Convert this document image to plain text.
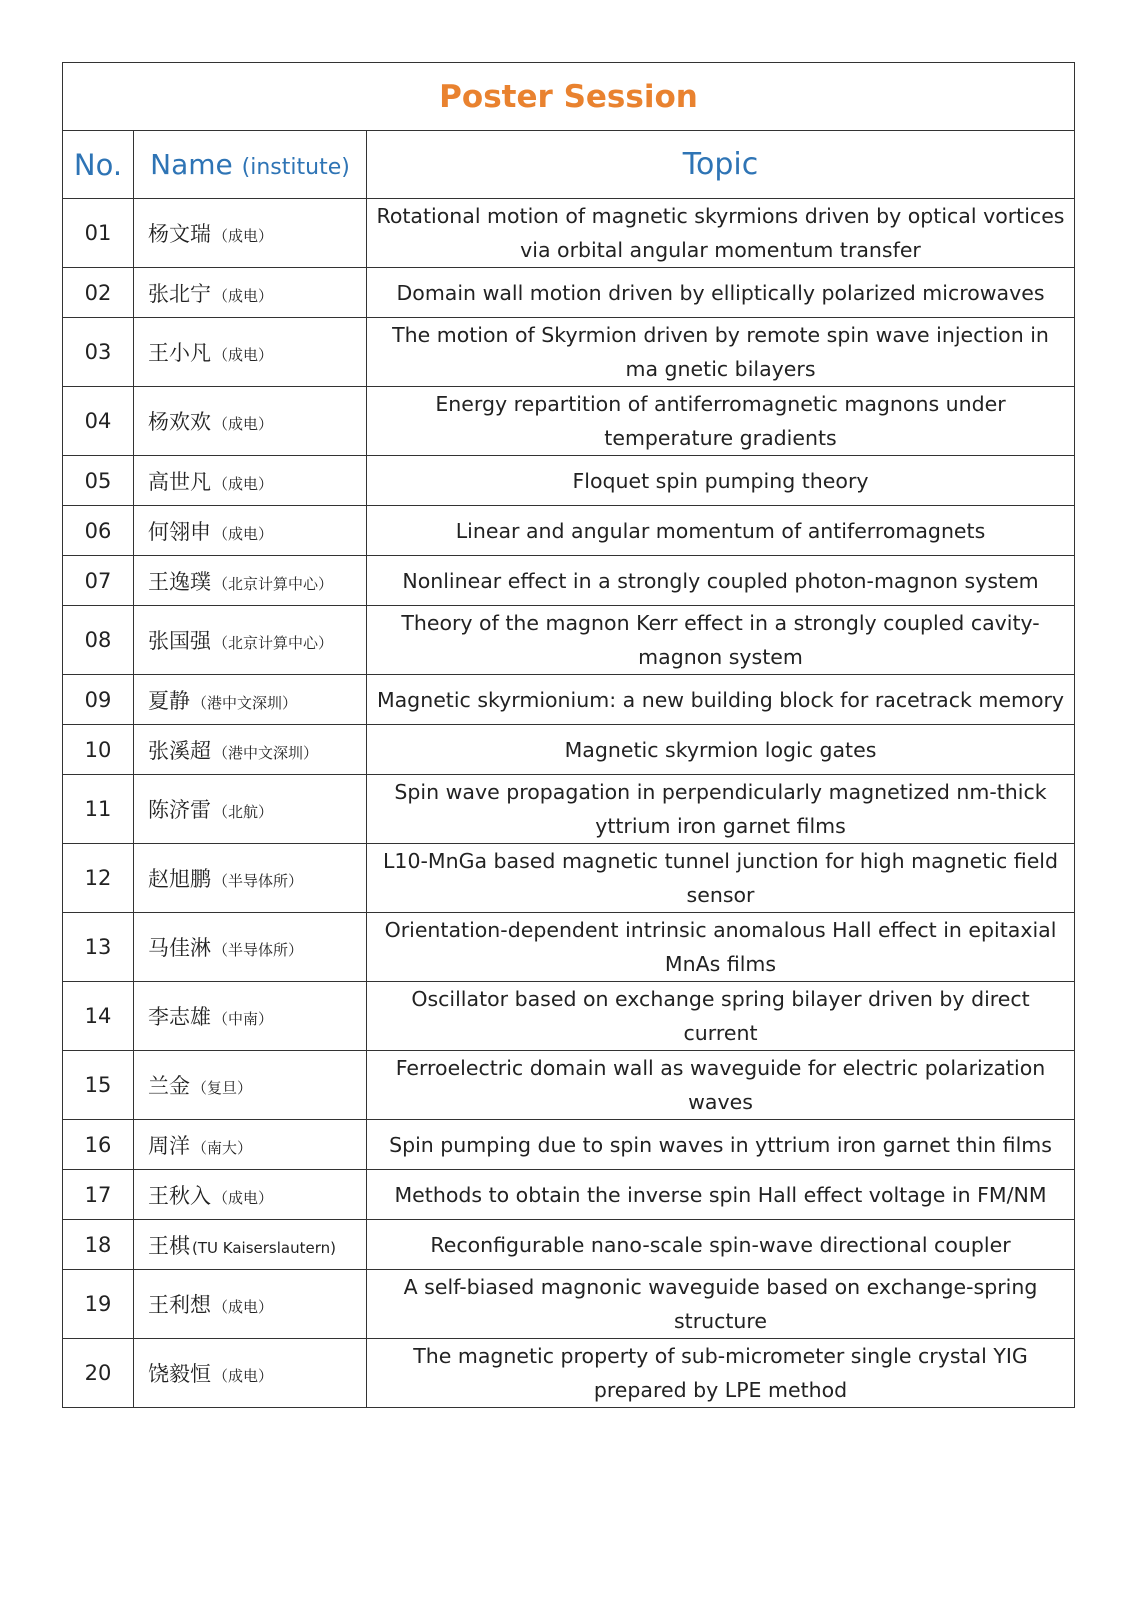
Poster Session		
No.	Name (institute)	Topic
01	杨文瑞 （成电）	Rotational motion of magnetic skyrmions driven by optical vortices via orbital angular momentum transfer
02	张北宁 （成电）	Domain wall motion driven by elliptically polarized microwaves
03	王小凡 （成电）	The motion of Skyrmion driven by remote spin wave injection in ma gnetic bilayers
04	杨欢欢 （成电）	Energy repartition of antiferromagnetic magnons under temperature gradients
05	高世凡 （成电）	Floquet spin pumping theory
06	何翎申 （成电）	Linear and angular momentum of antiferromagnets
07	王逸璞 （北京计算中心）	Nonlinear effect in a strongly coupled photon-magnon system
08	张国强 （北京计算中心）	Theory of the magnon Kerr effect in a strongly coupled cavity-magnon system
09	夏静 （港中文深圳）	Magnetic skyrmionium: a new building block for racetrack memory
10	张溪超 （港中文深圳）	Magnetic skyrmion logic gates
11	陈济雷 （北航）	Spin wave propagation in perpendicularly magnetized nm-thick yttrium iron garnet films
12	赵旭鹏 （半导体所）	L10-MnGa based magnetic tunnel junction for high magnetic field sensor
13	马佳淋 （半导体所）	Orientation-dependent intrinsic anomalous Hall effect in epitaxial MnAs films
14	李志雄 （中南）	Oscillator based on exchange spring bilayer driven by direct current
15	兰金 （复旦）	Ferroelectric domain wall as waveguide for electric polarization waves
16	周洋 （南大）	Spin pumping due to spin waves in yttrium iron garnet thin films
17	王秋入 （成电）	Methods to obtain the inverse spin Hall effect voltage in FM/NM
18	王棋 (TU Kaiserslautern)	Reconfigurable nano-scale spin-wave directional coupler
19	王利想 （成电）	A self-biased magnonic waveguide based on exchange-spring structure
20	饶毅恒 （成电）	The magnetic property of sub-micrometer single crystal YIG prepared by LPE method
